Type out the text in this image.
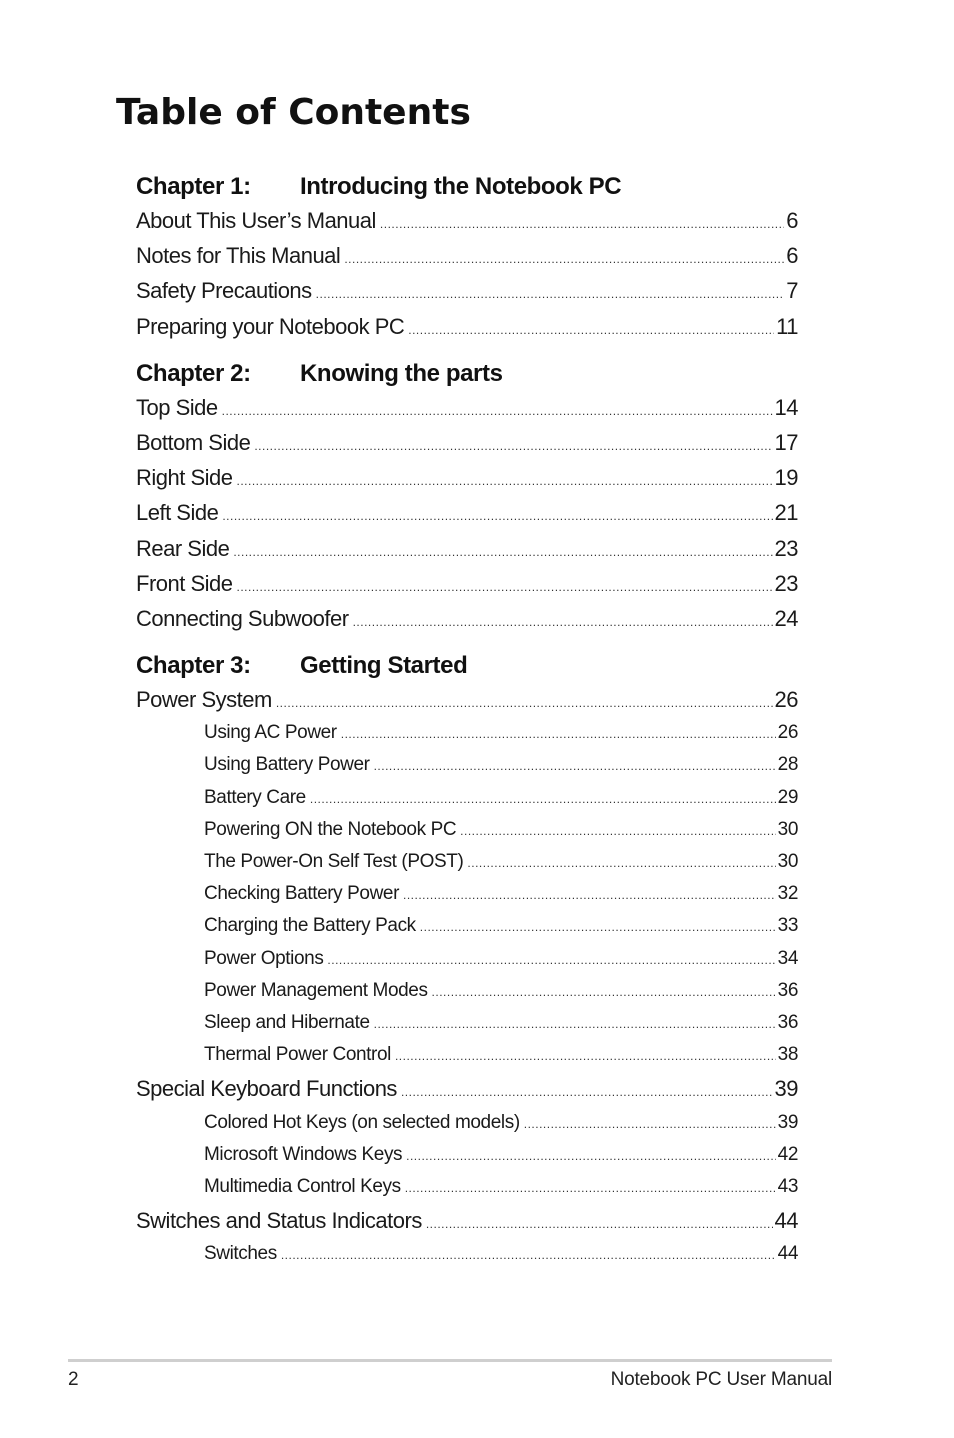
Table of Contents
Chapter 1:	Introducing the Notebook PC
About This User’s Manual .....	6
Notes for This Manual .....	6
Safety Precautions .....	7
Preparing your Notebook PC .....	11
Chapter 2:	Knowing the parts
Top Side .....	14
Bottom Side .....	17
Right Side .....	19
Left Side .....	21
Rear Side .....	23
Front Side .....	23
Connecting Subwoofer .....	24
Chapter 3:	Getting Started
Power System .....	26
Using AC Power .....	26
Using Battery Power .....	28
Battery Care .....	29
Powering ON the Notebook PC .....	30
The Power-On Self Test (POST) .....	30
Checking Battery Power .....	32
Charging the Battery Pack .....	33
Power Options .....	34
Power Management Modes .....	36
Sleep and Hibernate .....	36
Thermal Power Control .....	38
Special Keyboard Functions .....	39
Colored Hot Keys (on selected models) .....	39
Microsoft Windows Keys .....	42
Multimedia Control Keys .....	43
Switches and Status Indicators .....	44
Switches .....	44
2	Notebook PC User Manual
